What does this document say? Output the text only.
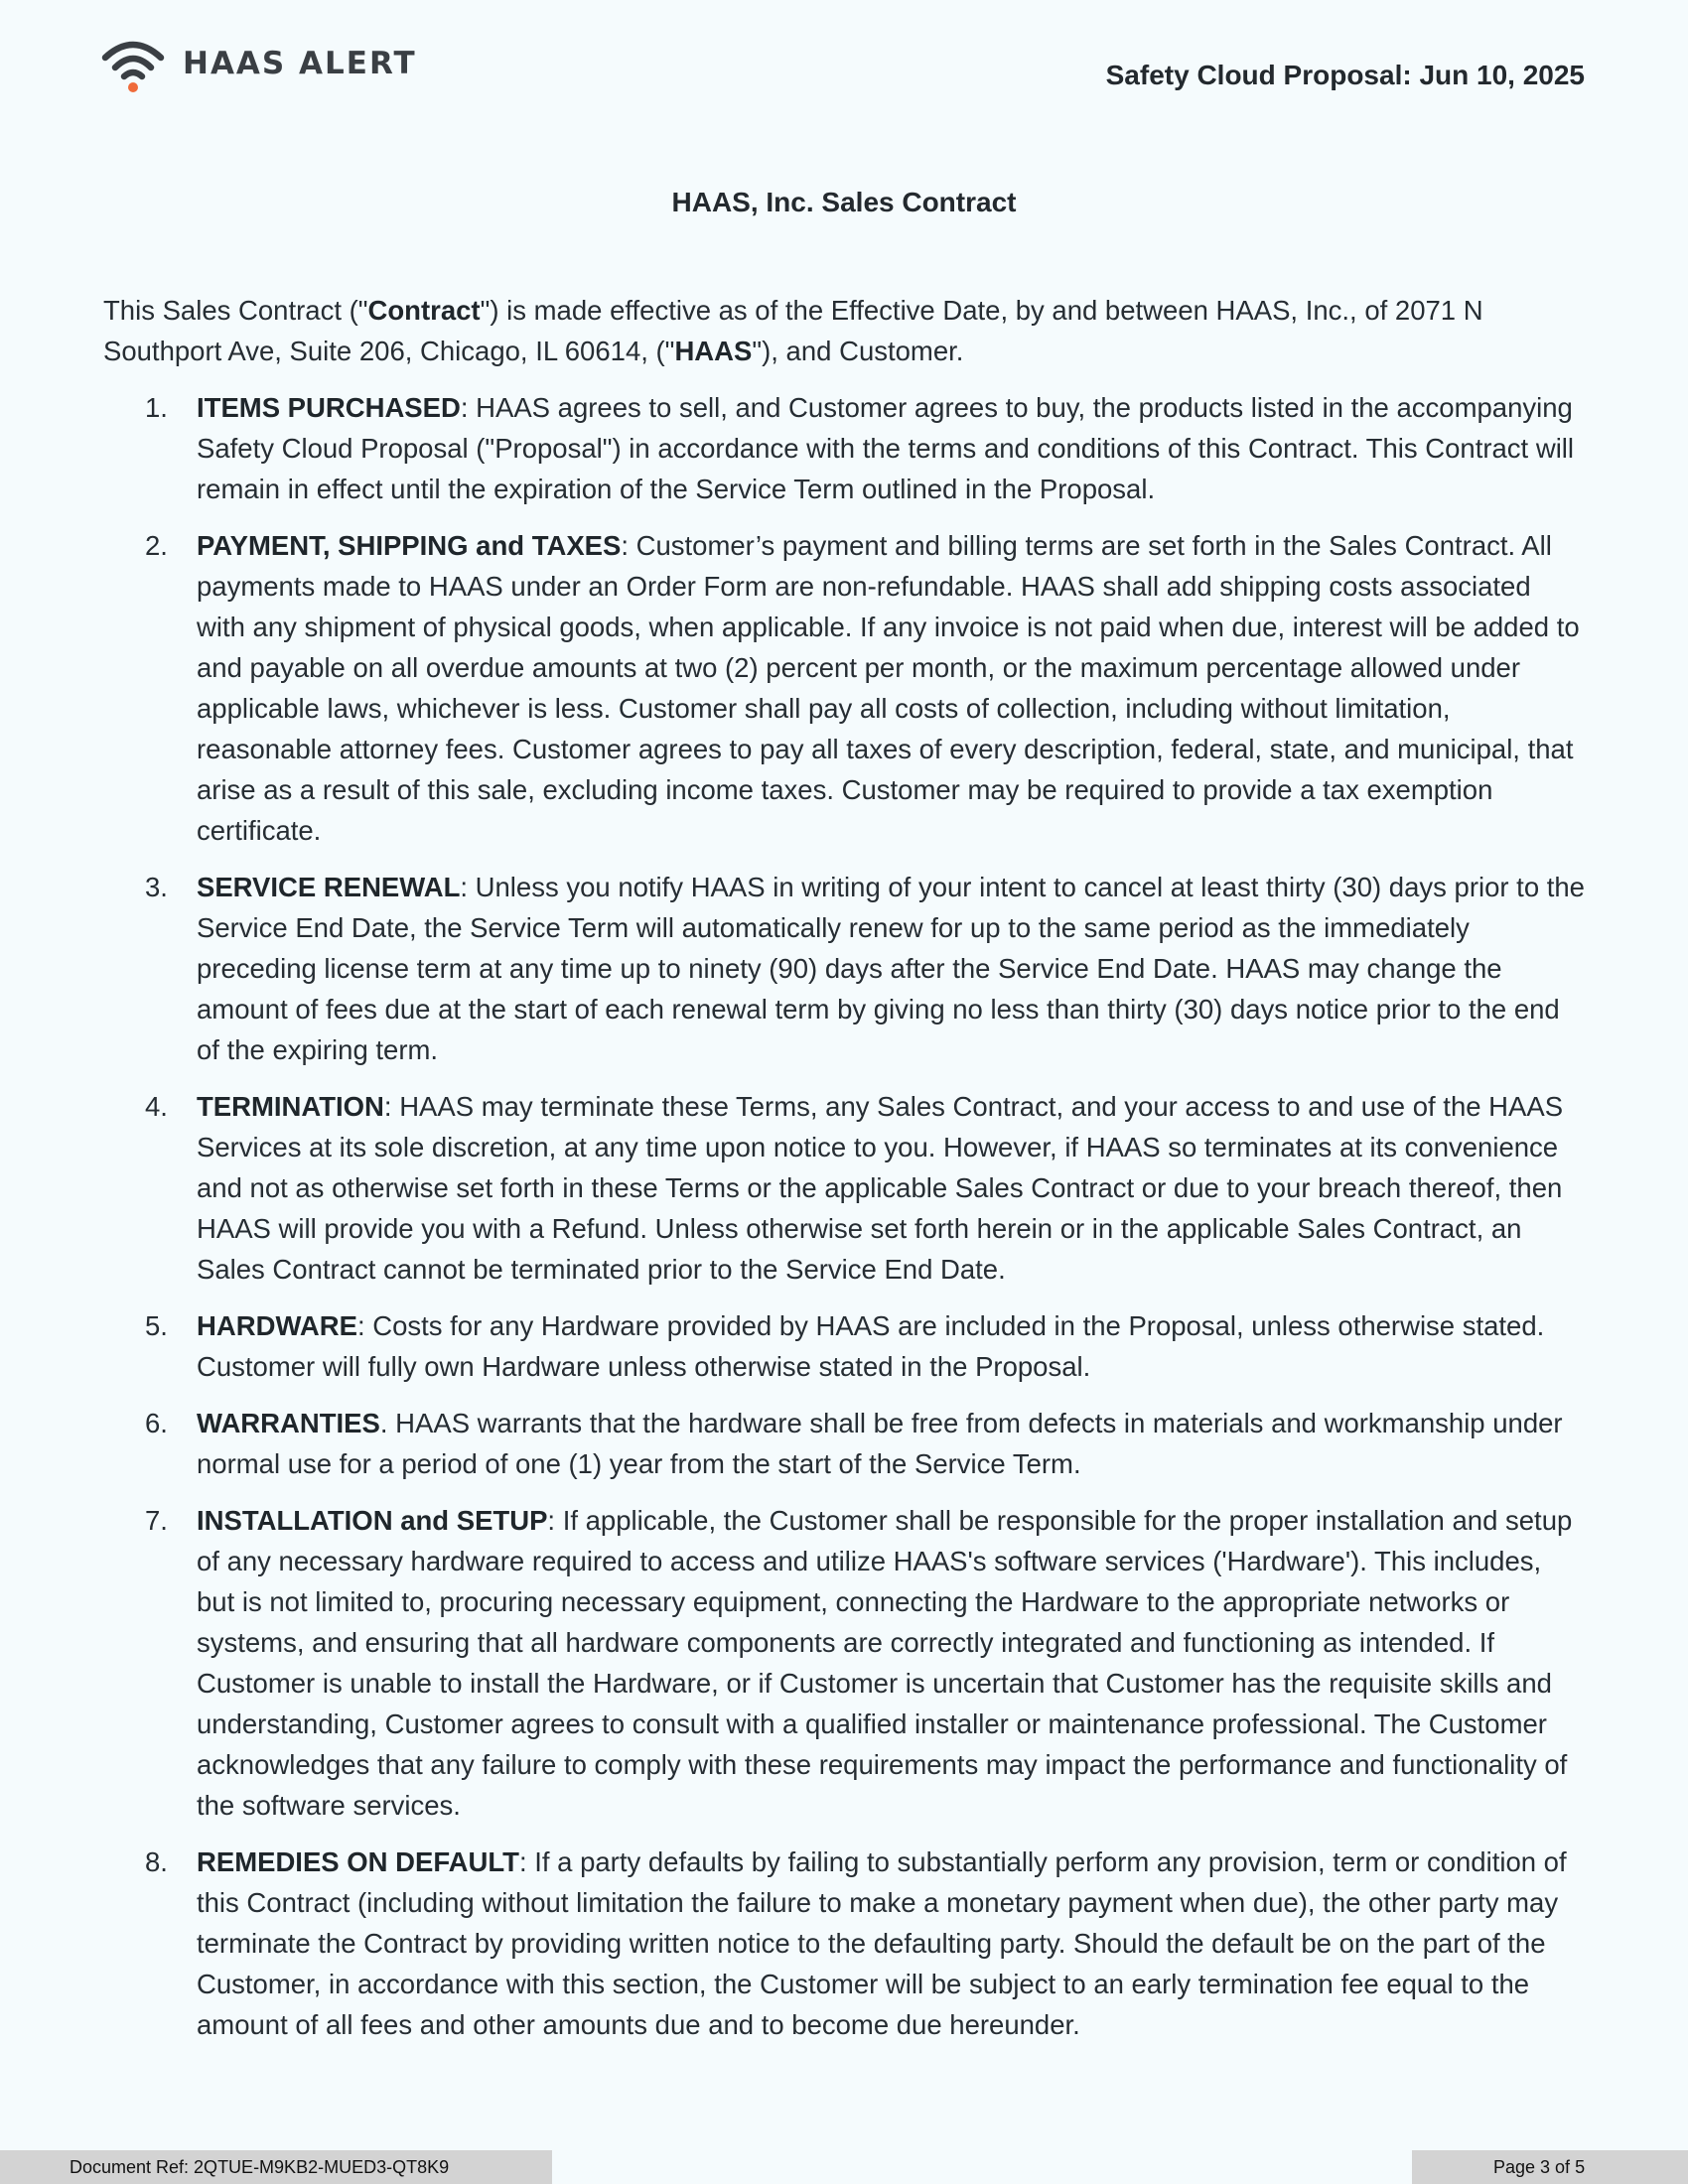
HAAS ALERT	Safety Cloud Proposal: Jun 10, 2025
HAAS, Inc. Sales Contract

This Sales Contract ("Contract") is made effective as of the Effective Date, by and between HAAS, Inc., of 2071 N Southport Ave, Suite 206, Chicago, IL 60614, ("HAAS"), and Customer.

1. ITEMS PURCHASED: HAAS agrees to sell, and Customer agrees to buy, the products listed in the accompanying Safety Cloud Proposal ("Proposal") in accordance with the terms and conditions of this Contract. This Contract will remain in effect until the expiration of the Service Term outlined in the Proposal.
2. PAYMENT, SHIPPING and TAXES: Customer’s payment and billing terms are set forth in the Sales Contract. All payments made to HAAS under an Order Form are non-refundable. HAAS shall add shipping costs associated with any shipment of physical goods, when applicable. If any invoice is not paid when due, interest will be added to and payable on all overdue amounts at two (2) percent per month, or the maximum percentage allowed under applicable laws, whichever is less. Customer shall pay all costs of collection, including without limitation, reasonable attorney fees. Customer agrees to pay all taxes of every description, federal, state, and municipal, that arise as a result of this sale, excluding income taxes. Customer may be required to provide a tax exemption certificate.
3. SERVICE RENEWAL: Unless you notify HAAS in writing of your intent to cancel at least thirty (30) days prior to the Service End Date, the Service Term will automatically renew for up to the same period as the immediately preceding license term at any time up to ninety (90) days after the Service End Date. HAAS may change the amount of fees due at the start of each renewal term by giving no less than thirty (30) days notice prior to the end of the expiring term.
4. TERMINATION: HAAS may terminate these Terms, any Sales Contract, and your access to and use of the HAAS Services at its sole discretion, at any time upon notice to you. However, if HAAS so terminates at its convenience and not as otherwise set forth in these Terms or the applicable Sales Contract or due to your breach thereof, then HAAS will provide you with a Refund. Unless otherwise set forth herein or in the applicable Sales Contract, an Sales Contract cannot be terminated prior to the Service End Date.
5. HARDWARE: Costs for any Hardware provided by HAAS are included in the Proposal, unless otherwise stated. Customer will fully own Hardware unless otherwise stated in the Proposal.
6. WARRANTIES. HAAS warrants that the hardware shall be free from defects in materials and workmanship under normal use for a period of one (1) year from the start of the Service Term.
7. INSTALLATION and SETUP: If applicable, the Customer shall be responsible for the proper installation and setup of any necessary hardware required to access and utilize HAAS's software services ('Hardware'). This includes, but is not limited to, procuring necessary equipment, connecting the Hardware to the appropriate networks or systems, and ensuring that all hardware components are correctly integrated and functioning as intended. If Customer is unable to install the Hardware, or if Customer is uncertain that Customer has the requisite skills and understanding, Customer agrees to consult with a qualified installer or maintenance professional. The Customer acknowledges that any failure to comply with these requirements may impact the performance and functionality of the software services.
8. REMEDIES ON DEFAULT: If a party defaults by failing to substantially perform any provision, term or condition of this Contract (including without limitation the failure to make a monetary payment when due), the other party may terminate the Contract by providing written notice to the defaulting party. Should the default be on the part of the Customer, in accordance with this section, the Customer will be subject to an early termination fee equal to the amount of all fees and other amounts due and to become due hereunder.
Document Ref: 2QTUE-M9KB2-MUED3-QT8K9	Page 3 of 5
